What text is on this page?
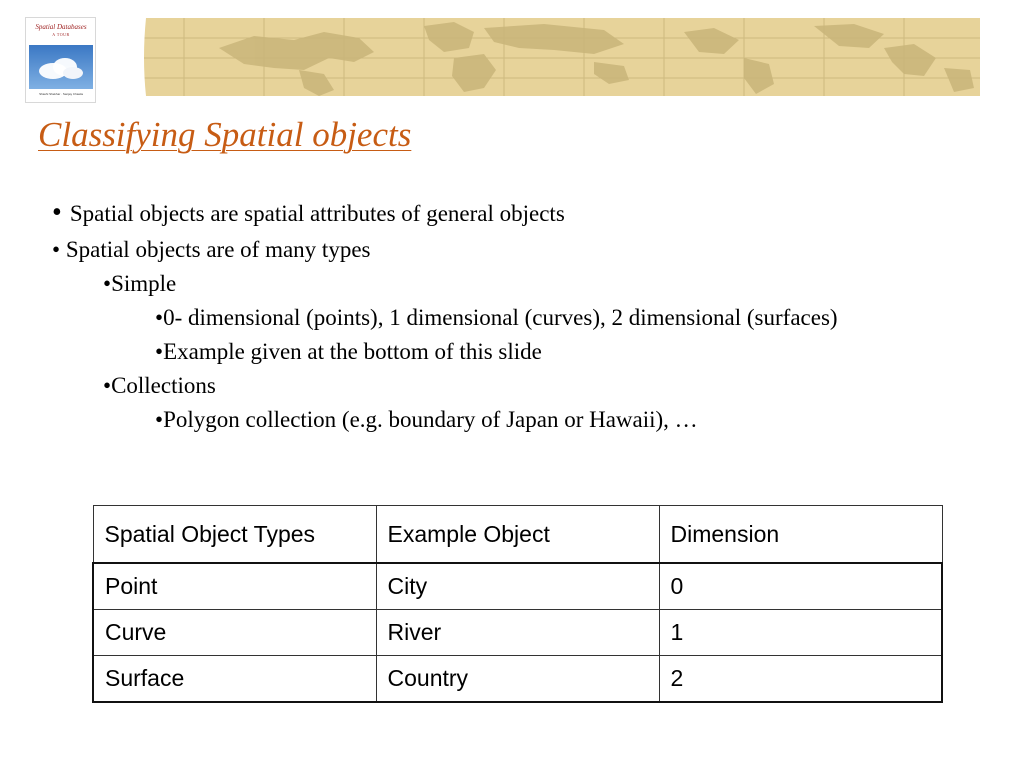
Spatial Databases
A TOUR
Shashi Shekhar · Sanjay Chawla
Classifying Spatial objects
• Spatial objects are spatial attributes of general objects
• Spatial objects are of many types
•Simple
•0- dimensional (points), 1 dimensional (curves), 2 dimensional (surfaces)
•Example given at the bottom of this slide
•Collections
•Polygon collection (e.g. boundary of Japan or Hawaii), …
Spatial Object Types	Example Object	Dimension
Point	City	0
Curve	River	1
Surface	Country	2
